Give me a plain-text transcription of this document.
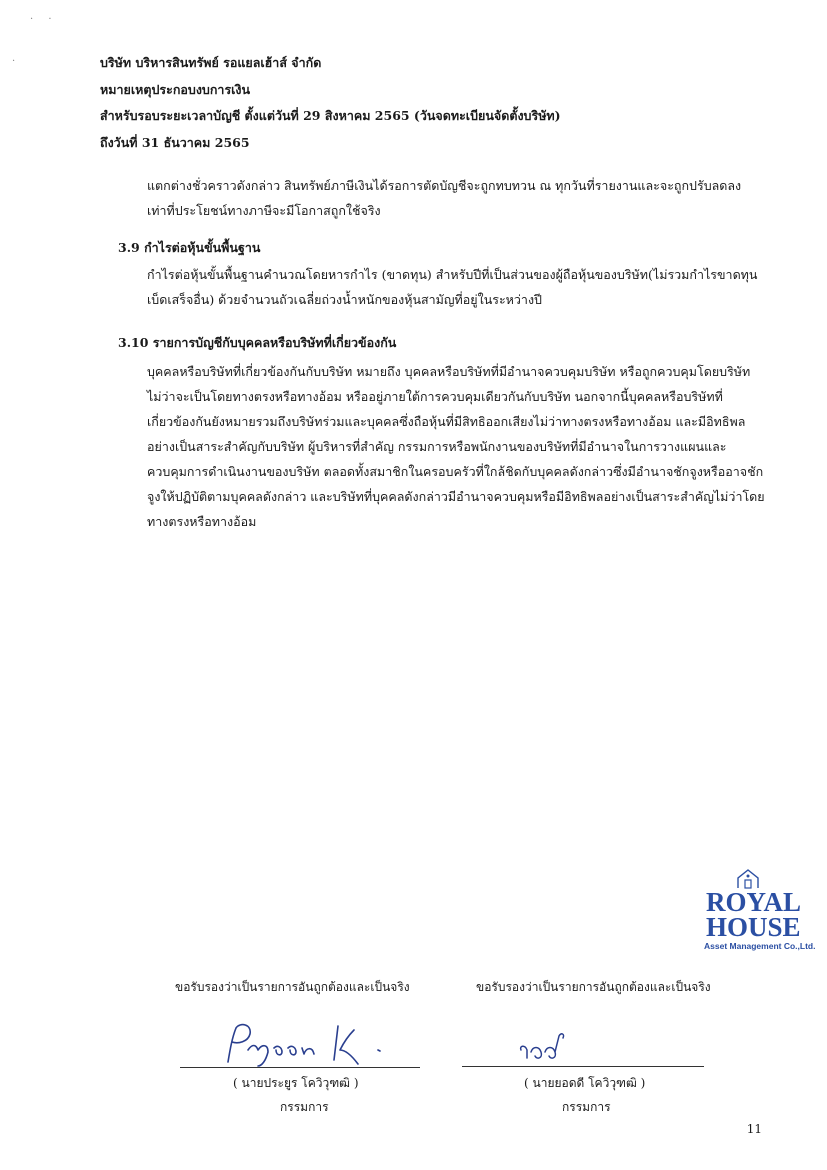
· ·
·	บริษัท บริหารสินทรัพย์ รอแยลเฮ้าส์ จำกัด
หมายเหตุประกอบงบการเงิน
สำหรับรอบระยะเวลาบัญชี ตั้งแต่วันที่ 29 สิงหาคม 2565 (วันจดทะเบียนจัดตั้งบริษัท)
ถึงวันที่ 31 ธันวาคม 2565

แตกต่างชั่วคราวดังกล่าว สินทรัพย์ภาษีเงินได้รอการตัดบัญชีจะถูกทบทวน ณ ทุกวันที่รายงานและจะถูกปรับลดลง

เท่าที่ประโยชน์ทางภาษีจะมีโอกาสถูกใช้จริง

3.9 กำไรต่อหุ้นขั้นพื้นฐาน

กำไรต่อหุ้นขั้นพื้นฐานคำนวณโดยหารกำไร (ขาดทุน) สำหรับปีที่เป็นส่วนของผู้ถือหุ้นของบริษัท(ไม่รวมกำไรขาดทุน

เบ็ดเสร็จอื่น) ด้วยจำนวนถัวเฉลี่ยถ่วงน้ำหนักของหุ้นสามัญที่อยู่ในระหว่างปี

3.10 รายการบัญชีกับบุคคลหรือบริษัทที่เกี่ยวข้องกัน

บุคคลหรือบริษัทที่เกี่ยวข้องกันกับบริษัท หมายถึง บุคคลหรือบริษัทที่มีอำนาจควบคุมบริษัท หรือถูกควบคุมโดยบริษัท

ไม่ว่าจะเป็นโดยทางตรงหรือทางอ้อม หรืออยู่ภายใต้การควบคุมเดียวกันกับบริษัท นอกจากนี้บุคคลหรือบริษัทที่

เกี่ยวข้องกันยังหมายรวมถึงบริษัทร่วมและบุคคลซึ่งถือหุ้นที่มีสิทธิออกเสียงไม่ว่าทางตรงหรือทางอ้อม และมีอิทธิพล

อย่างเป็นสาระสำคัญกับบริษัท ผู้บริหารที่สำคัญ กรรมการหรือพนักงานของบริษัทที่มีอำนาจในการวางแผนและ

ควบคุมการดำเนินงานของบริษัท ตลอดทั้งสมาชิกในครอบครัวที่ใกล้ชิดกับบุคคลดังกล่าวซึ่งมีอำนาจชักจูงหรืออาจชัก

จูงให้ปฏิบัติตามบุคคลดังกล่าว และบริษัทที่บุคคลดังกล่าวมีอำนาจควบคุมหรือมีอิทธิพลอย่างเป็นสาระสำคัญไม่ว่าโดย

ทางตรงหรือทางอ้อม

ROYAL
HOUSE
Asset Management Co.,Ltd.
ขอรับรองว่าเป็นรายการอันถูกต้องและเป็นจริง
( นายประยูร โควิวุฑฒิ )
กรรมการ
ขอรับรองว่าเป็นรายการอันถูกต้องและเป็นจริง
( นายยอดดี โควิวุฑฒิ )
กรรมการ
11
